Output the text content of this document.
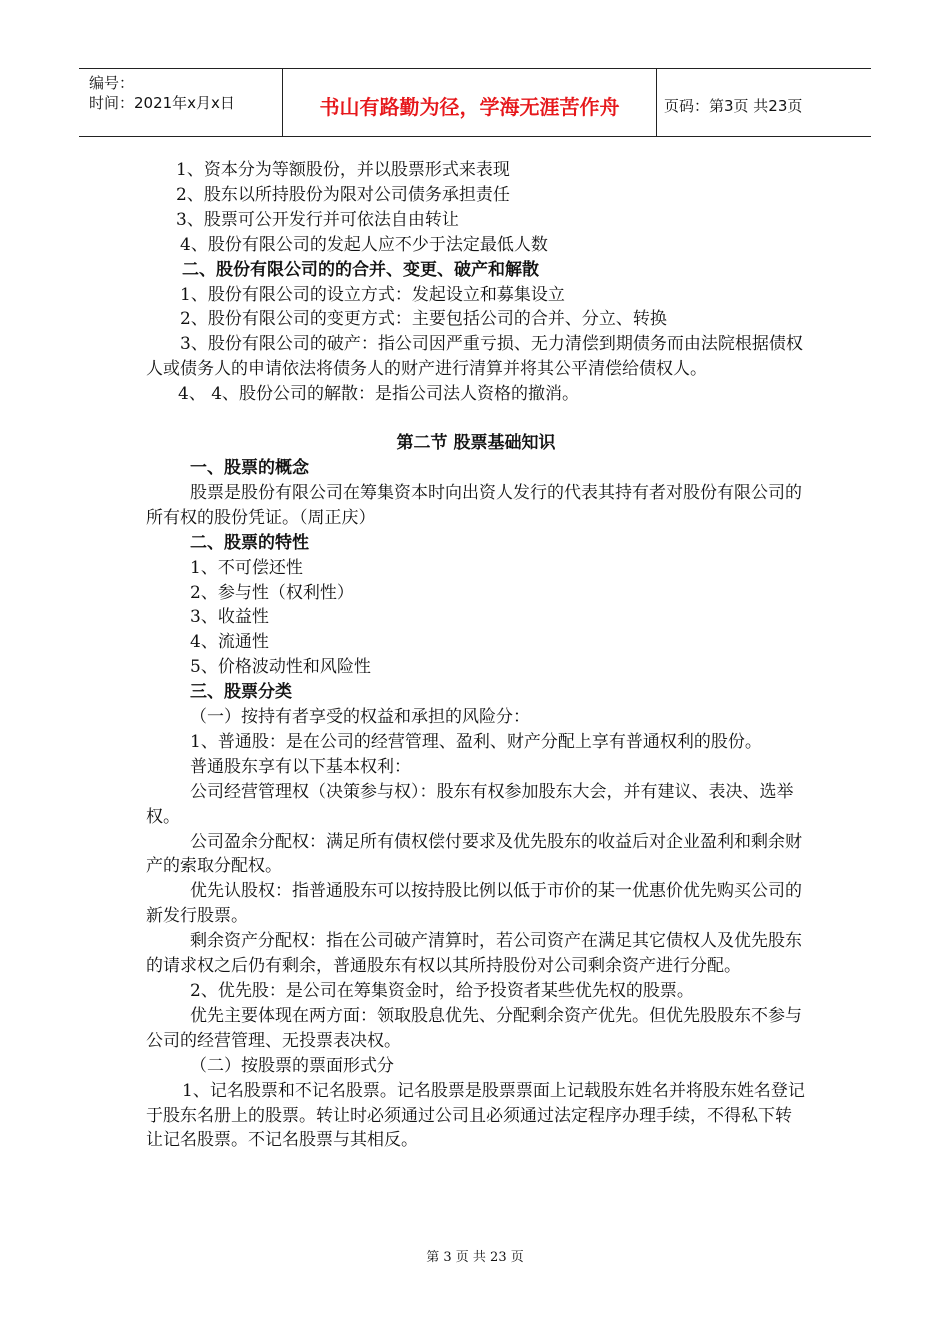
编号：
时间：2021年x月x日	书山有路勤为径，学海无涯苦作舟	页码：第3页 共23页

1、资本分为等额股份，并以股票形式来表现

2、股东以所持股份为限对公司债务承担责任

3、股票可公开发行并可依法自由转让

4、股份有限公司的发起人应不少于法定最低人数

二、股份有限公司的的合并、变更、破产和解散

1、股份有限公司的设立方式：发起设立和募集设立

2、股份有限公司的变更方式：主要包括公司的合并、分立、转换

3、股份有限公司的破产：指公司因严重亏损、无力清偿到期债务而由法院根据债权人或债务人的申请依法将债务人的财产进行清算并将其公平清偿给债权人。

4、 4、股份公司的解散：是指公司法人资格的撤消。

第二节 股票基础知识

一、股票的概念

股票是股份有限公司在筹集资本时向出资人发行的代表其持有者对股份有限公司的所有权的股份凭证。（周正庆）

二、股票的特性

1、不可偿还性

2、参与性（权利性）

3、收益性

4、流通性

5、价格波动性和风险性

三、股票分类

（一）按持有者享受的权益和承担的风险分：

1、普通股：是在公司的经营管理、盈利、财产分配上享有普通权利的股份。

普通股东享有以下基本权利：

公司经营管理权（决策参与权）：股东有权参加股东大会，并有建议、表决、选举权。

公司盈余分配权：满足所有债权偿付要求及优先股东的收益后对企业盈利和剩余财产的索取分配权。

优先认股权：指普通股东可以按持股比例以低于市价的某一优惠价优先购买公司的新发行股票。

剩余资产分配权：指在公司破产清算时，若公司资产在满足其它债权人及优先股东的请求权之后仍有剩余，普通股东有权以其所持股份对公司剩余资产进行分配。

2、优先股：是公司在筹集资金时，给予投资者某些优先权的股票。

优先主要体现在两方面：领取股息优先、分配剩余资产优先。但优先股股东不参与公司的经营管理、无投票表决权。

（二）按股票的票面形式分

1、记名股票和不记名股票。记名股票是股票票面上记载股东姓名并将股东姓名登记于股东名册上的股票。转让时必须通过公司且必须通过法定程序办理手续，不得私下转让记名股票。不记名股票与其相反。

第 3 页 共 23 页
